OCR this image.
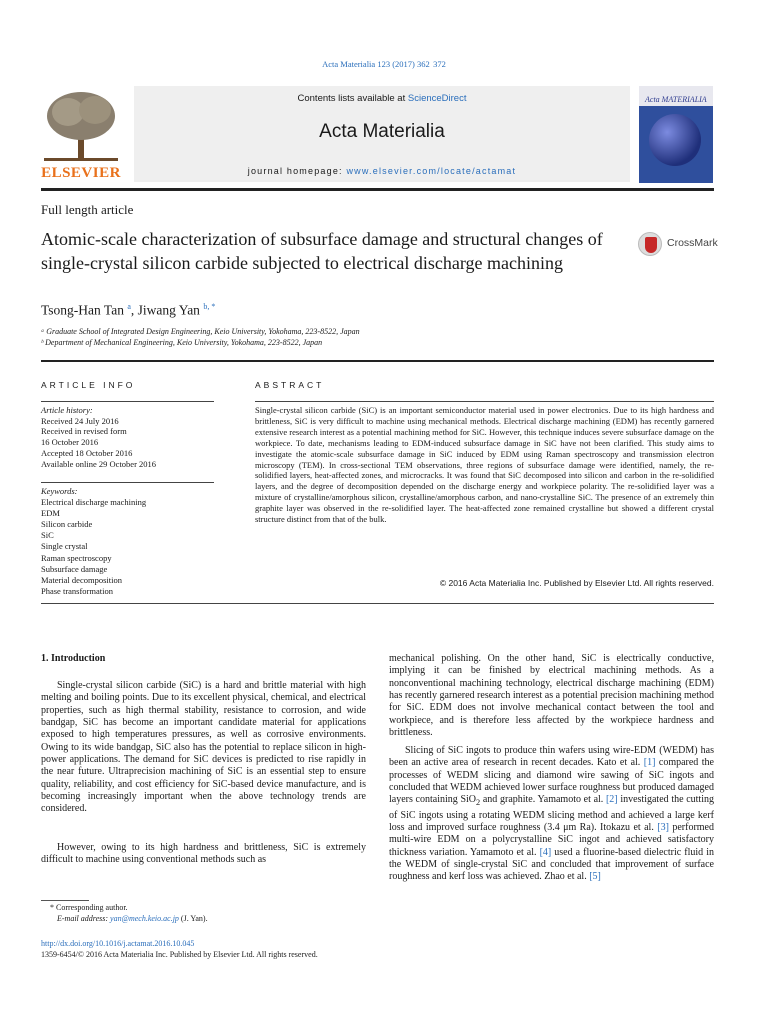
Acta Materialia 123 (2017) 362  372
ELSEVIER
Contents lists available at ScienceDirect
Acta Materialia
journal homepage: www.elsevier.com/locate/actamat
Acta MATERIALIA
Full length article
Atomic-scale characterization of subsurface damage and structural changes of single-crystal silicon carbide subjected to electrical discharge machining
CrossMark
Tsong-Han Tan $^a$, Jiwang Yan $^{b, *}$
ᵃ Graduate School of Integrated Design Engineering, Keio University, Yokohama, 223-8522, Japan
ᵇ Department of Mechanical Engineering, Keio University, Yokohama, 223-8522, Japan
ARTICLE INFO	ABSTRACT
Article history:
Received 24 July 2016
Received in revised form
16 October 2016
Accepted 18 October 2016
Available online 29 October 2016
Keywords:
Electrical discharge machining
EDM
Silicon carbide
SiC
Single crystal
Raman spectroscopy
Subsurface damage
Material decomposition
Phase transformation
Single-crystal silicon carbide (SiC) is an important semiconductor material used in power electronics. Due to its high hardness and brittleness, SiC is very difficult to machine using mechanical methods. Electrical discharge machining (EDM) has recently garnered extensive research interest as a potential machining method for SiC. However, this technique induces severe subsurface damage on the workpiece. To date, mechanisms leading to EDM-induced subsurface damage in SiC have not been clarified. This study aims to investigate the atomic-scale subsurface damage in SiC induced by EDM using Raman spectroscopy and transmission electron microscopy (TEM). In cross-sectional TEM observations, three regions of subsurface damage were identified, namely, the re-solidified layers, heat-affected zones, and microcracks. It was found that SiC decomposed into silicon and carbon in the re-solidified layers, and the degree of decomposition depended on the discharge energy and workpiece polarity. The re-solidified layer was a mixture of crystalline/amorphous silicon, crystalline/amorphous carbon, and nano-crystalline SiC. The presence of an extremely thin graphite layer was observed in the re-solidified layer. The heat-affected zone remained crystalline but showed a different crystal structure distinct from that of the bulk.
© 2016 Acta Materialia Inc. Published by Elsevier Ltd. All rights reserved.
1. Introduction
Single-crystal silicon carbide (SiC) is a hard and brittle material with high melting and boiling points. Due to its excellent physical, chemical, and electrical properties, such as high thermal stability, resistance to corrosion, and wide bandgap, SiC has become an important candidate material for applications exposed to high temperatures pressures, as well as corrosive environments. Owing to its wide bandgap, SiC also has the potential to replace silicon in high-power applications. The demand for SiC devices is predicted to rise rapidly in the near future. Ultraprecision machining of SiC is an essential step to ensure quality, reliability, and cost efficiency for SiC-based device manufacture, and is becoming increasingly important when the above technology trends are considered.
However, owing to its high hardness and brittleness, SiC is extremely difficult to machine using conventional methods such as
mechanical polishing. On the other hand, SiC is electrically conductive, implying it can be finished by electrical machining methods. As a nonconventional machining technology, electrical discharge machining (EDM) has recently garnered research interest as a potential precision machining method for SiC. EDM does not involve mechanical contact between the tool and workpiece, and is therefore less affected by the workpiece hardness and brittleness.
Slicing of SiC ingots to produce thin wafers using wire-EDM (WEDM) has been an active area of research in recent decades. Kato et al. [1] compared the processes of WEDM slicing and diamond wire sawing of SiC ingots and concluded that WEDM achieved lower surface roughness but produced damaged layers containing SiO$_2$ and graphite. Yamamoto et al. [2] investigated the cutting of SiC ingots using a rotating WEDM slicing method and achieved a large kerf loss and improved surface roughness (3.4 μm Ra). Itokazu et al. [3] performed multi-wire EDM on a polycrystalline SiC ingot and achieved satisfactory thickness variation. Yamamoto et al. [4] used a fluorine-based dielectric fluid in the WEDM of single-crystal SiC and concluded that improvement of surface roughness and kerf loss was achieved. Zhao et al. [5]
* Corresponding author.
E-mail address: yan@mech.keio.ac.jp (J. Yan).
http://dx.doi.org/10.1016/j.actamat.2016.10.045
1359-6454/© 2016 Acta Materialia Inc. Published by Elsevier Ltd. All rights reserved.
